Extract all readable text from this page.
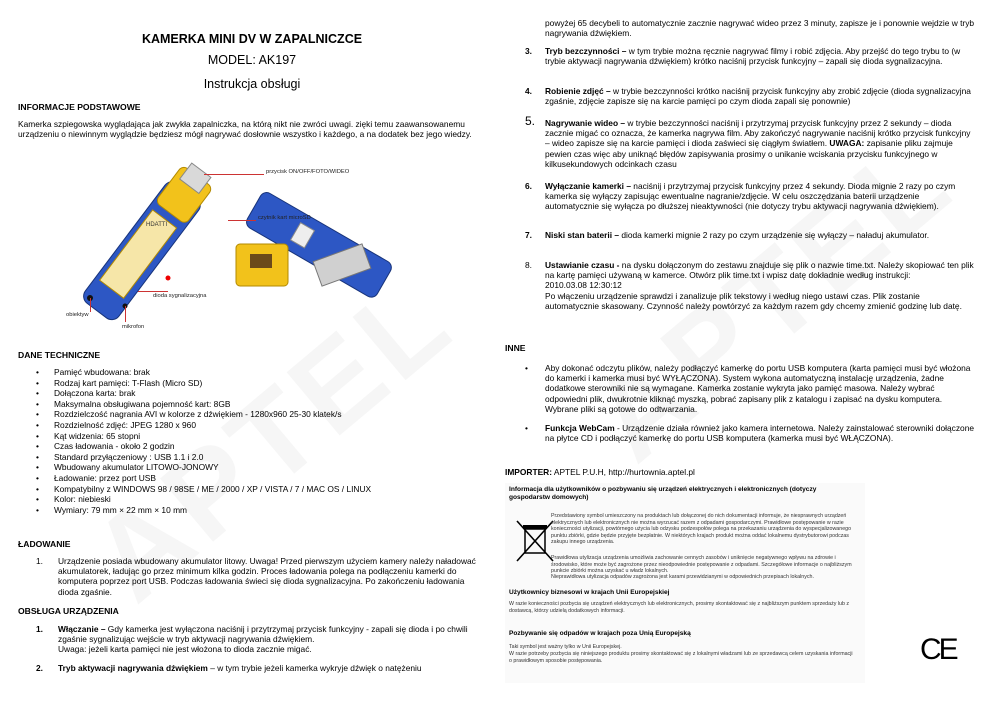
KAMERKA MINI DV W ZAPALNICZCE
MODEL: AK197
Instrukcja obsługi
INFORMACJE PODSTAWOWE
Kamerka szpiegowska wyglądająca jak zwykła zapalniczka, na którą nikt nie zwróci uwagi. zięki temu zaawansowanemu urządzeniu o niewinnym wyglądzie będziesz mógł nagrywać dosłownie wszystko i każdego, a na dodatek bez jego wiedzy.
HDATTI
przycisk ON/OFF/FOTO/WIDEO
czytnik kart microSD
dioda sygnalizacyjna
obiektyw
mikrofon
DANE TECHNICZNE
• Pamięć wbudowana: brak
• Rodzaj kart pamięci: T-Flash (Micro SD)
• Dołączona karta: brak
• Maksymalna obsługiwana pojemność kart: 8GB
• Rozdzielczość nagrania AVI w kolorze z dźwiękiem - 1280x960 25-30 klatek/s
• Rozdzielność zdjęć: JPEG 1280 x 960
• Kąt widzenia: 65 stopni
• Czas ładowania - około 2 godzin
• Standard przyłączeniowy : USB 1.1 i 2.0
• Wbudowany akumulator LITOWO-JONOWY
• Ładowanie: przez port USB
• Kompatybilny z WINDOWS 98 / 98SE / ME / 2000 / XP / VISTA / 7 / MAC OS / LINUX
• Kolor: niebieski
• Wymiary: 79 mm × 22 mm × 10 mm
ŁADOWANIE
1. Urządzenie posiada wbudowany akumulator litowy. Uwaga! Przed pierwszym użyciem kamery należy naładować akumulatorek, ładując go przez minimum kilka godzin. Proces ładowania polega na podłączeniu kamerki do komputera poprzez port USB. Podczas ładowania świeci się dioda sygnalizacyjna. Po zakończeniu ładowania dioda zgaśnie.
OBSŁUGA URZĄDZENIA
1. Włączanie – Gdy kamerka jest wyłączona naciśnij i przytrzymaj przycisk funkcyjny - zapali się dioda i po chwili zgaśnie sygnalizując wejście w tryb aktywacji nagrywania dźwiękiem.
Uwaga: jeżeli karta pamięci nie jest włożona to dioda zacznie migać.
2. Tryb aktywacji nagrywania dźwiękiem – w tym trybie jeżeli kamerka wykryje dźwięk o natężeniu
powyżej 65 decybeli to automatycznie zacznie nagrywać wideo przez 3 minuty, zapisze je i ponownie wejdzie w tryb nagrywania dźwiękiem.
3. Tryb bezczynności – w tym trybie można ręcznie nagrywać filmy i robić zdjęcia. Aby przejść do tego trybu to (w trybie aktywacji nagrywania dźwiękiem) krótko naciśnij przycisk funkcyjny – zapali się dioda sygnalizacyjna.
4. Robienie zdjęć – w trybie bezczynności krótko naciśnij przycisk funkcyjny aby zrobić zdjęcie (dioda sygnalizacyjna zgaśnie, zdjęcie zapisze się na karcie pamięci po czym dioda zapali się ponownie)
5. Nagrywanie wideo – w trybie bezczynności naciśnij i przytrzymaj przycisk funkcyjny przez 2 sekundy – dioda zacznie migać co oznacza, że kamerka nagrywa film. Aby zakończyć nagrywanie naciśnij krótko przycisk funkcyjny – wideo zapisze się na karcie pamięci i dioda zaświeci się ciągłym światłem. UWAGA: zapisanie pliku zajmuje pewien czas więc aby uniknąć błędów zapisywania prosimy o unikanie wciskania przycisku funkcyjnego w kilkusekundowych odcinkach czasu
6. Wyłączanie kamerki – naciśnij i przytrzymaj przycisk funkcyjny przez 4 sekundy. Dioda mignie 2 razy po czym kamerka się wyłączy zapisując ewentualne nagranie/zdjęcie. W celu oszczędzania baterii urządzenie automatycznie się wyłącza po dłuższej nieaktywności (nie dotyczy trybu aktywacji nagrywania dźwiękiem).
7. Niski stan baterii – dioda kamerki mignie 2 razy po czym urządzenie się wyłączy – naładuj akumulator.
8. Ustawianie czasu - na dysku dołączonym do zestawu znajduje się plik o nazwie time.txt. Należy skopiować ten plik na kartę pamięci używaną w kamerce. Otwórz plik time.txt i wpisz datę dokładnie według instrukcji:
2010.03.08 12:30:12
Po włączeniu urządzenie sprawdzi i zanalizuje plik tekstowy i według niego ustawi czas. Plik zostanie automatycznie skasowany. Czynność należy powtórzyć za każdym razem gdy chcemy zmienić godzinę lub datę.
INNE
• Aby dokonać odczytu plików, należy podłączyć kamerkę do portu USB komputera (karta pamięci musi być włożona do kamerki i kamerka musi być WYŁĄCZONA). System wykona automatyczną instalację urządzenia, żadne dodatkowe sterowniki nie są wymagane. Kamerka zostanie wykryta jako pamięć masowa. Należy wybrać odpowiedni plik, dwukrotnie kliknąć myszką, pobrać zapisany plik z katalogu i zapisać na dysku komputera. Wybrane pliki są gotowe do odtwarzania.
• Funkcja WebCam - Urządzenie działa również jako kamera internetowa. Należy zainstalować sterowniki dołączone na płytce CD i podłączyć kamerkę do portu USB komputera (kamerka musi być WŁĄCZONA).
IMPORTER: APTEL P.U.H, http://hurtownia.aptel.pl
Informacja dla użytkowników o pozbywaniu się urządzeń elektrycznych i elektronicznych (dotyczy gospodarstw domowych)
Przedstawiony symbol umieszczony na produktach lub dołączonej do nich dokumentacji informuje, że niesprawnych urządzeń elektrycznych lub elektronicznych nie można wyrzucać razem z odpadami gospodarczymi. Prawidłowe postępowanie w razie konieczności utylizacji, powtórnego użycia lub odzysku podzespołów polega na przekazaniu urządzenia do wyspecjalizowanego punktu zbiórki, gdzie będzie przyjęte bezpłatnie. W niektórych krajach produkt można oddać lokalnemu dystrybutorowi podczas zakupu innego urządzenia.
Prawidłowa utylizacja urządzenia umożliwia zachowanie cennych zasobów i uniknięcie negatywnego wpływu na zdrowie i środowisko, które może być zagrożone przez nieodpowiednie postępowanie z odpadami. Szczegółowe informacje o najbliższym punkcie zbiórki można uzyskać u władz lokalnych.
Nieprawidłowa utylizacja odpadów zagrożona jest karami przewidzianymi w odpowiednich przepisach lokalnych.
Użytkownicy biznesowi w krajach Unii Europejskiej
W razie konieczności pozbycia się urządzeń elektrycznych lub elektronicznych, prosimy skontaktować się z najbliższym punktem sprzedaży lub z dostawcą, którzy udzielą dodatkowych informacji.
Pozbywanie się odpadów w krajach poza Unią Europejską
Taki symbol jest ważny tylko w Unii Europejskej.
W razie potrzeby pozbycia się niniejszego produktu prosimy skontaktować się z lokalnymi władzami lub ze sprzedawcą celem uzyskania informacji o prawidłowym sposobie postępowania.	CE
